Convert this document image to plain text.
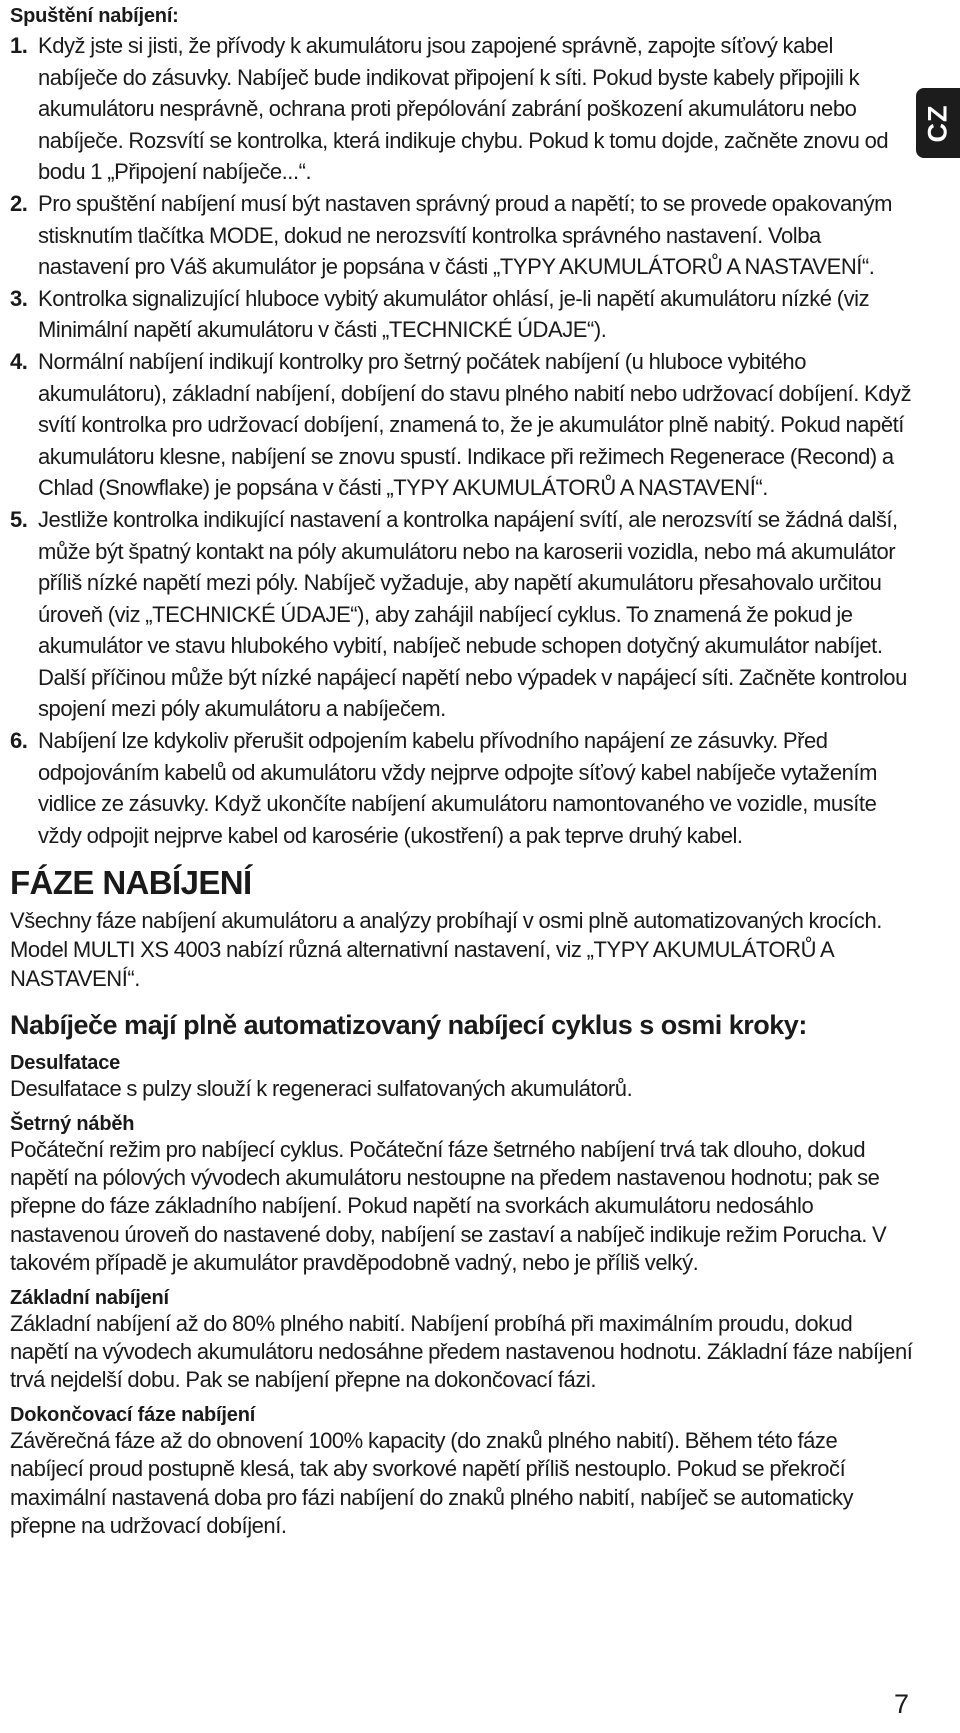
Spuštění nabíjení:
1. Když jste si jisti, že přívody k akumulátoru jsou zapojené správně, zapojte síťový kabel nabíječe do zásuvky. Nabíječ bude indikovat připojení k síti. Pokud byste kabely připojili k akumulátoru nesprávně, ochrana proti přepólování zabrání poškození akumulátoru nebo nabíječe. Rozsvítí se kontrolka, která indikuje chybu. Pokud k tomu dojde, začněte znovu od bodu 1 „Připojení nabíječe...“.
2. Pro spuštění nabíjení musí být nastaven správný proud a napětí; to se provede opakovaným stisknutím tlačítka MODE, dokud ne nerozsvítí kontrolka správného nastavení. Volba nastavení pro Váš akumulátor je popsána v části „TYPY AKUMULÁTORŮ A NASTAVENÍ“.
3. Kontrolka signalizující hluboce vybitý akumulátor ohlásí, je-li napětí akumulátoru nízké (viz Minimální napětí akumulátoru v části „TECHNICKÉ ÚDAJE“).
4. Normální nabíjení indikují kontrolky pro šetrný počátek nabíjení (u hluboce vybitého akumulátoru), základní nabíjení, dobíjení do stavu plného nabití nebo udržovací dobíjení. Když svítí kontrolka pro udržovací dobíjení, znamená to, že je akumulátor plně nabitý. Pokud napětí akumulátoru klesne, nabíjení se znovu spustí. Indikace při režimech Regenerace (Recond) a Chlad (Snowflake) je popsána v části „TYPY AKUMULÁTORŮ A NASTAVENÍ“.
5. Jestliže kontrolka indikující nastavení a kontrolka napájení svítí, ale nerozsvítí se žádná další, může být špatný kontakt na póly akumulátoru nebo na karoserii vozidla, nebo má akumulátor příliš nízké napětí mezi póly. Nabíječ vyžaduje, aby napětí akumulátoru přesahovalo určitou úroveň (viz „TECHNICKÉ ÚDAJE“), aby zahájil nabíjecí cyklus. To znamená že pokud je akumulátor ve stavu hlubokého vybití, nabíječ nebude schopen dotyčný akumulátor nabíjet. Další příčinou může být nízké napájecí napětí nebo výpadek v napájecí síti. Začněte kontrolou spojení mezi póly akumulátoru a nabíječem.
6. Nabíjení lze kdykoliv přerušit odpojením kabelu přívodního napájení ze zásuvky. Před odpojováním kabelů od akumulátoru vždy nejprve odpojte síťový kabel nabíječe vytažením vidlice ze zásuvky. Když ukončíte nabíjení akumulátoru namontovaného ve vozidle, musíte vždy odpojit nejprve kabel od karosérie (ukostření) a pak teprve druhý kabel.
FÁZE NABÍJENÍ

Všechny fáze nabíjení akumulátoru a analýzy probíhají v osmi plně automatizovaných krocích. Model MULTI XS 4003 nabízí různá alternativní nastavení, viz „TYPY AKUMULÁTORŮ A NASTAVENÍ“.

Nabíječe mají plně automatizovaný nabíjecí cyklus s osmi kroky:
Desulfatace

Desulfatace s pulzy slouží k regeneraci sulfatovaných akumulátorů.

Šetrný náběh

Počáteční režim pro nabíjecí cyklus. Počáteční fáze šetrného nabíjení trvá tak dlouho, dokud napětí na pólových vývodech akumulátoru nestoupne na předem nastavenou hodnotu; pak se přepne do fáze základního nabíjení. Pokud napětí na svorkách akumulátoru nedosáhlo nastavenou úroveň do nastavené doby, nabíjení se zastaví a nabíječ indikuje režim Porucha. V takovém případě je akumulátor pravděpodobně vadný, nebo je příliš velký.

Základní nabíjení

Základní nabíjení až do 80% plného nabití. Nabíjení probíhá při maximálním proudu, dokud napětí na vývodech akumulátoru nedosáhne předem nastavenou hodnotu. Základní fáze nabíjení trvá nejdelší dobu. Pak se nabíjení přepne na dokončovací fázi.

Dokončovací fáze nabíjení

Závěrečná fáze až do obnovení 100% kapacity (do znaků plného nabití). Během této fáze nabíjecí proud postupně klesá, tak aby svorkové napětí příliš nestouplo. Pokud se překročí maximální nastavená doba pro fázi nabíjení do znaků plného nabití, nabíječ se automaticky přepne na udržovací dobíjení.

CZ
7
